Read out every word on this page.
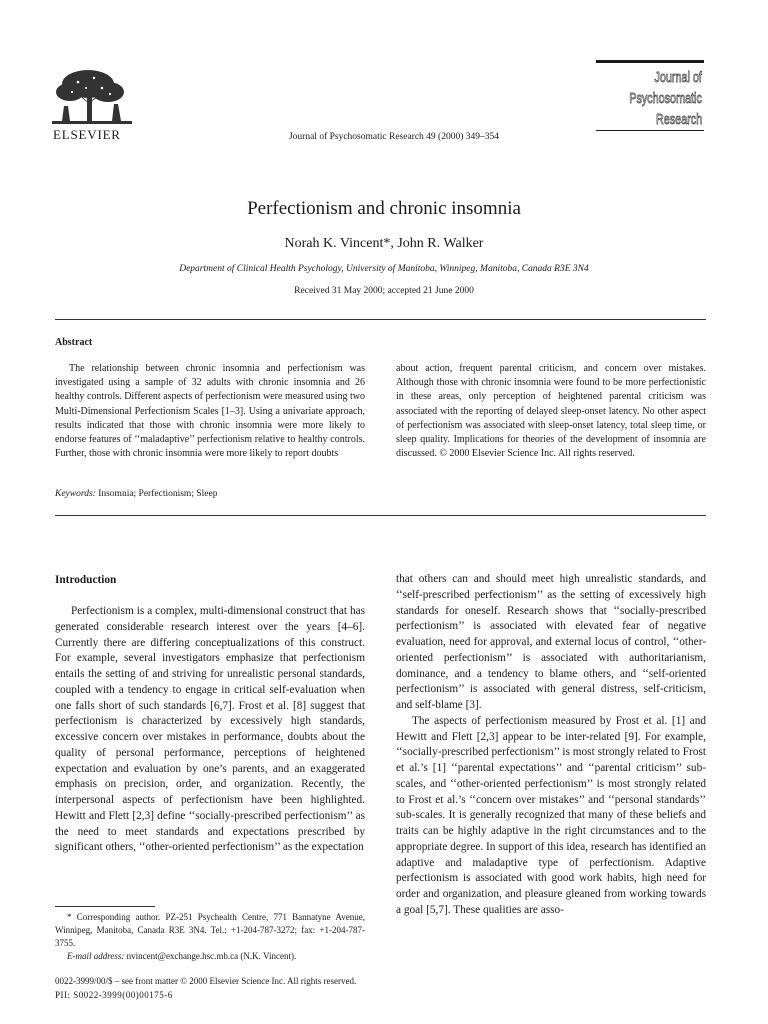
ELSEVIER	Journal of Psychosomatic Research 49 (2000) 349–354
Journal of
Psychosomatic
Research
Perfectionism and chronic insomnia
Norah K. Vincent*, John R. Walker
Department of Clinical Health Psychology, University of Manitoba, Winnipeg, Manitoba, Canada R3E 3N4
Received 31 May 2000; accepted 21 June 2000
Abstract

The relationship between chronic insomnia and perfectionism was investigated using a sample of 32 adults with chronic insomnia and 26 healthy controls. Different aspects of perfectionism were measured using two Multi-Dimensional Perfectionism Scales [1–3]. Using a univariate approach, results indicated that those with chronic insomnia were more likely to endorse features of ‘‘maladaptive’’ perfectionism relative to healthy controls. Further, those with chronic insomnia were more likely to report doubts

about action, frequent parental criticism, and concern over mistakes. Although those with chronic insomnia were found to be more perfectionistic in these areas, only perception of heightened parental criticism was associated with the reporting of delayed sleep-onset latency. No other aspect of perfectionism was associated with sleep-onset latency, total sleep time, or sleep quality. Implications for theories of the development of insomnia are discussed. © 2000 Elsevier Science Inc. All rights reserved.

Keywords: Insomnia; Perfectionism; Sleep
Introduction

Perfectionism is a complex, multi-dimensional construct that has generated considerable research interest over the years [4–6]. Currently there are differing conceptualizations of this construct. For example, several investigators emphasize that perfectionism entails the setting of and striving for unrealistic personal standards, coupled with a tendency to engage in critical self-evaluation when one falls short of such standards [6,7]. Frost et al. [8] suggest that perfectionism is characterized by excessively high standards, excessive concern over mistakes in performance, doubts about the quality of personal performance, perceptions of heightened expectation and evaluation by one’s parents, and an exaggerated emphasis on precision, order, and organization. Recently, the interpersonal aspects of perfectionism have been highlighted. Hewitt and Flett [2,3] define ‘‘socially-prescribed perfectionism’’ as the need to meet standards and expectations prescribed by significant others, ‘‘other-oriented perfectionism’’ as the expectation

that others can and should meet high unrealistic standards, and ‘‘self-prescribed perfectionism’’ as the setting of excessively high standards for oneself. Research shows that ‘‘socially-prescribed perfectionism’’ is associated with elevated fear of negative evaluation, need for approval, and external locus of control, ‘‘other-oriented perfectionism’’ is associated with authoritarianism, dominance, and a tendency to blame others, and ‘‘self-oriented perfectionism’’ is associated with general distress, self-criticism, and self-blame [3].

The aspects of perfectionism measured by Frost et al. [1] and Hewitt and Flett [2,3] appear to be inter-related [9]. For example, ‘‘socially-prescribed perfectionism’’ is most strongly related to Frost et al.’s [1] ‘‘parental expectations’’ and ‘‘parental criticism’’ sub-scales, and ‘‘other-oriented perfectionism’’ is most strongly related to Frost et al.’s ‘‘concern over mistakes’’ and ‘‘personal standards’’ sub-scales. It is generally recognized that many of these beliefs and traits can be highly adaptive in the right circumstances and to the appropriate degree. In support of this idea, research has identified an adaptive and maladaptive type of perfectionism. Adaptive perfectionism is associated with good work habits, high need for order and organization, and pleasure gleaned from working towards a goal [5,7]. These qualities are asso-

* Corresponding author. PZ-251 Psychealth Centre, 771 Bannatyne Avenue, Winnipeg, Manitoba, Canada R3E 3N4. Tel.: +1-204-787-3272; fax: +1-204-787-3755.

E-mail address: nvincent@exchange.hsc.mb.ca (N.K. Vincent).

0022-3999/00/$ – see front matter © 2000 Elsevier Science Inc. All rights reserved.
PII: S0022-3999(00)00175-6
